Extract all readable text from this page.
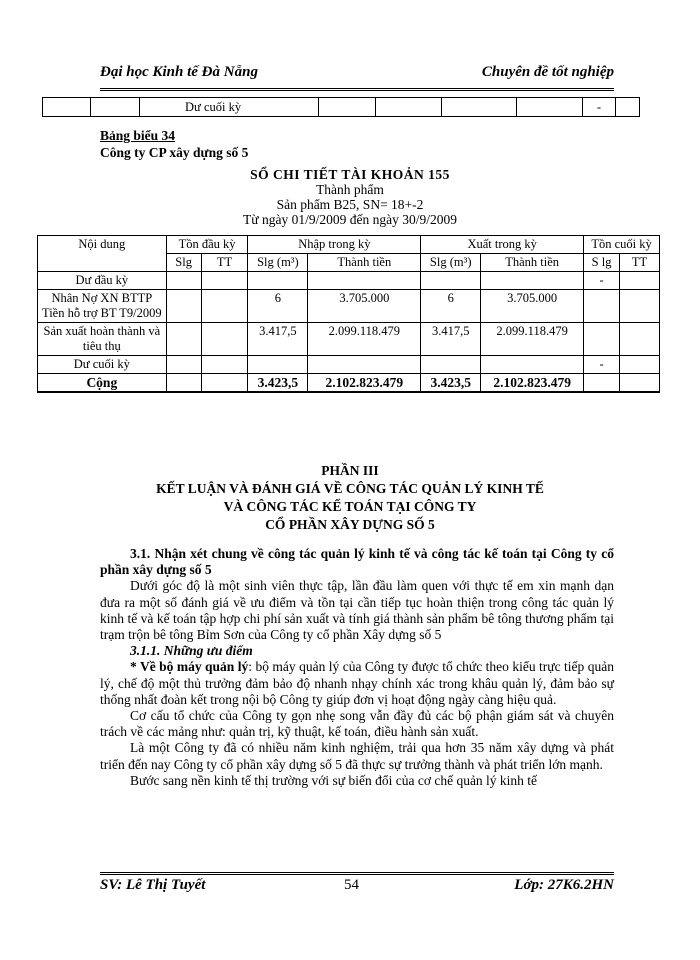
Đại học Kinh tế Đà Nẵng	Chuyên đề tốt nghiệp
		Dư cuối kỳ					-	
Bảng biểu 34
Công ty CP xây dựng số 5
SỔ CHI TIẾT TÀI KHOẢN 155
Thành phẩm
Sản phẩm B25, SN= 18+-2
Từ ngày 01/9/2009 đến ngày 30/9/2009
Nội dung	Tồn đầu kỳ		Nhập trong kỳ		Xuất trong kỳ		Tồn cuối kỳ	
	Slg	TT	Slg (m³)	Thành tiền	Slg (m³)	Thành tiền	S lg	TT
Dư đầu kỳ							-	
Nhân Nợ XN BTTP Tiền hỗ trợ BT T9/2009			6	3.705.000	6	3.705.000		
Sản xuất hoàn thành và tiêu thụ			3.417,5	2.099.118.479	3.417,5	2.099.118.479		
Dư cuối kỳ							-	
Cộng			3.423,5	2.102.823.479	3.423,5	2.102.823.479		
PHẦN III
KẾT LUẬN VÀ ĐÁNH GIÁ VỀ CÔNG TÁC QUẢN LÝ KINH TẾ
VÀ CÔNG TÁC KẾ TOÁN TẠI CÔNG TY
CỔ PHẦN XÂY DỰNG SỐ 5

3.1. Nhận xét chung về công tác quản lý kinh tế và công tác kế toán tại Công ty cổ phần xây dựng số 5

Dưới góc độ là một sinh viên thực tập, lần đầu làm quen với thực tế em xin mạnh dạn đưa ra một số đánh giá về ưu điểm và tồn tại cần tiếp tục hoàn thiện trong công tác quản lý kinh tế và kế toán tập hợp chi phí sản xuất và tính giá thành sản phẩm bê tông thương phẩm tại trạm trộn bê tông Bỉm Sơn của Công ty cổ phần Xây dựng số 5

3.1.1. Những ưu điểm

* Về bộ máy quản lý: bộ máy quản lý của Công ty được tổ chức theo kiểu trực tiếp quản lý, chế độ một thủ trưởng đảm bảo độ nhanh nhạy chính xác trong khâu quản lý, đảm bảo sự thống nhất đoàn kết trong nội bộ Công ty giúp đơn vị hoạt động ngày càng hiệu quả.

Cơ cấu tổ chức của Công ty gọn nhẹ song vẫn đầy đủ các bộ phận giám sát và chuyên trách về các mảng như: quản trị, kỹ thuật, kế toán, điều hành sản xuất.

Là một Công ty đã có nhiều năm kinh nghiệm, trải qua hơn 35 năm xây dựng và phát triển đến nay Công ty cổ phần xây dựng số 5 đã thực sự trưởng thành và phát triển lớn mạnh.

Bước sang nền kinh tế thị trường với sự biến đổi của cơ chế quản lý kinh tế

SV: Lê Thị Tuyết	54	Lớp: 27K6.2HN
